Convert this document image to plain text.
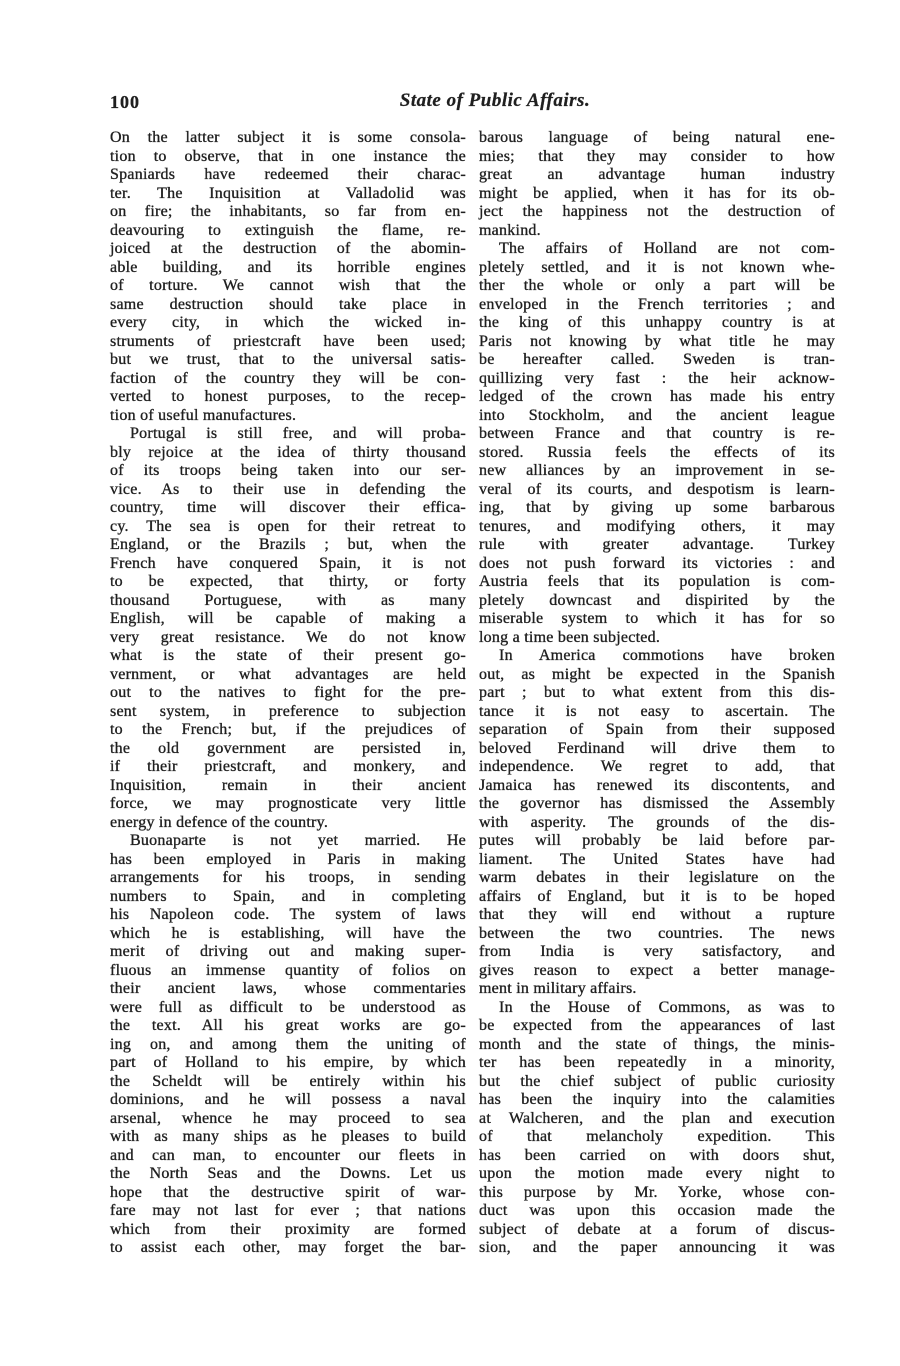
100	State of Public Affairs.
On the latter subject it is some consola-
tion to observe, that in one instance the
Spaniards have redeemed their charac-
ter. The Inquisition at Valladolid was
on fire; the inhabitants, so far from en-
deavouring to extinguish the flame, re-
joiced at the destruction of the abomin-
able building, and its horrible engines
of torture. We cannot wish that the
same destruction should take place in
every city, in which the wicked in-
struments of priestcraft have been used;
but we trust, that to the universal satis-
faction of the country they will be con-
verted to honest purposes, to the recep-
tion of useful manufactures.
Portugal is still free, and will proba-
bly rejoice at the idea of thirty thousand
of its troops being taken into our ser-
vice. As to their use in defending the
country, time will discover their effica-
cy. The sea is open for their retreat to
England, or the Brazils ; but, when the
French have conquered Spain, it is not
to be expected, that thirty, or forty
thousand Portuguese, with as many
English, will be capable of making a
very great resistance. We do not know
what is the state of their present go-
vernment, or what advantages are held
out to the natives to fight for the pre-
sent system, in preference to subjection
to the French; but, if the prejudices of
the old government are persisted in,
if their priestcraft, and monkery, and
Inquisition, remain in their ancient
force, we may prognosticate very little
energy in defence of the country.
Buonaparte is not yet married. He
has been employed in Paris in making
arrangements for his troops, in sending
numbers to Spain, and in completing
his Napoleon code. The system of laws
which he is establishing, will have the
merit of driving out and making super-
fluous an immense quantity of folios on
their ancient laws, whose commentaries
were full as difficult to be understood as
the text. All his great works are go-
ing on, and among them the uniting of
part of Holland to his empire, by which
the Scheldt will be entirely within his
dominions, and he will possess a naval
arsenal, whence he may proceed to sea
with as many ships as he pleases to build
and can man, to encounter our fleets in
the North Seas and the Downs. Let us
hope that the destructive spirit of war-
fare may not last for ever ; that nations
which from their proximity are formed
to assist each other, may forget the bar-
barous language of being natural ene-
mies; that they may consider to how
great an advantage human industry
might be applied, when it has for its ob-
ject the happiness not the destruction of
mankind.
The affairs of Holland are not com-
pletely settled, and it is not known whe-
ther the whole or only a part will be
enveloped in the French territories ; and
the king of this unhappy country is at
Paris not knowing by what title he may
be hereafter called. Sweden is tran-
quillizing very fast : the heir acknow-
ledged of the crown has made his entry
into Stockholm, and the ancient league
between France and that country is re-
stored. Russia feels the effects of its
new alliances by an improvement in se-
veral of its courts, and despotism is learn-
ing, that by giving up some barbarous
tenures, and modifying others, it may
rule with greater advantage. Turkey
does not push forward its victories : and
Austria feels that its population is com-
pletely downcast and dispirited by the
miserable system to which it has for so
long a time been subjected.
In America commotions have broken
out, as might be expected in the Spanish
part ; but to what extent from this dis-
tance it is not easy to ascertain. The
separation of Spain from their supposed
beloved Ferdinand will drive them to
independence. We regret to add, that
Jamaica has renewed its discontents, and
the governor has dismissed the Assembly
with asperity. The grounds of the dis-
putes will probably be laid before par-
liament. The United States have had
warm debates in their legislature on the
affairs of England, but it is to be hoped
that they will end without a rupture
between the two countries. The news
from India is very satisfactory, and
gives reason to expect a better manage-
ment in military affairs.
In the House of Commons, as was to
be expected from the appearances of last
month and the state of things, the minis-
ter has been repeatedly in a minority,
but the chief subject of public curiosity
has been the inquiry into the calamities
at Walcheren, and the plan and execution
of that melancholy expedition. This
has been carried on with doors shut,
upon the motion made every night to
this purpose by Mr. Yorke, whose con-
duct was upon this occasion made the
subject of debate at a forum of discus-
sion, and the paper announcing it was
